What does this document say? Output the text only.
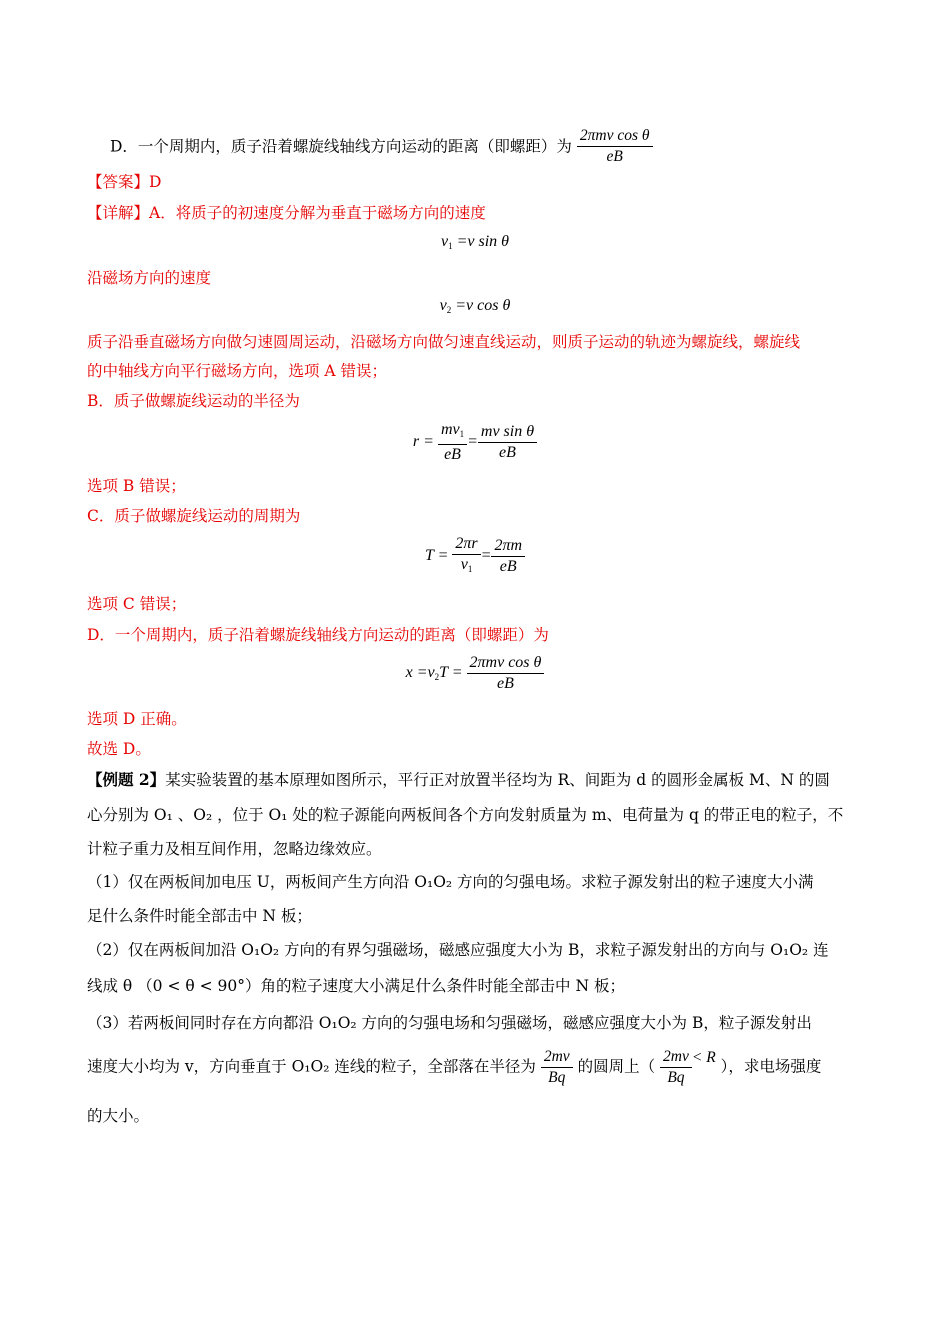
D．一个周期内，质子沿着螺旋线轴线方向运动的距离（即螺距）为 $\frac{\text{2πmv cos θ}}{eB}$
【答案】D
【详解】A．将质子的初速度分解为垂直于磁场方向的速度
$v_1 =v$ sin θ
沿磁场方向的速度
$v_2 =v$ cos θ
质子沿垂直磁场方向做匀速圆周运动，沿磁场方向做匀速直线运动，则质子运动的轨迹为螺旋线，螺旋线
的中轴线方向平行磁场方向，选项 A 错误；
B．质子做螺旋线运动的半径为
$r = \frac{mv_1}{eB} = \frac{\text{mv sin θ}}{eB}$
选项 B 错误；
C．质子做螺旋线运动的周期为
$T = \frac{2\pi r}{v_1} = \frac{2\pi m}{eB}$
选项 C 错误；
D．一个周期内，质子沿着螺旋线轴线方向运动的距离（即螺距）为
$x =v_2T = \frac{\text{2πmv cos θ}}{eB}$
选项 D 正确。
故选 D。
【例题 2】某实验装置的基本原理如图所示，平行正对放置半径均为 R、间距为 d 的圆形金属板 M、N 的圆
心分别为 O₁ 、O₂ ，位于 O₁ 处的粒子源能向两板间各个方向发射质量为 m、电荷量为 q 的带正电的粒子，不
计粒子重力及相互间作用，忽略边缘效应。
（1）仅在两板间加电压 U，两板间产生方向沿 O₁O₂ 方向的匀强电场。求粒子源发射出的粒子速度大小满
足什么条件时能全部击中 N 板；
（2）仅在两板间加沿 O₁O₂ 方向的有界匀强磁场，磁感应强度大小为 B，求粒子源发射出的方向与 O₁O₂ 连
线成 θ （0 < θ < 90°）角的粒子速度大小满足什么条件时能全部击中 N 板；
（3）若两板间同时存在方向都沿 O₁O₂ 方向的匀强电场和匀强磁场，磁感应强度大小为 B，粒子源发射出
速度大小均为 v，方向垂直于 O₁O₂ 连线的粒子，全部落在半径为 $\frac{2mv}{Bq}$ 的圆周上（ $\frac{2mv}{Bq} < R$ ），求电场强度
的大小。
